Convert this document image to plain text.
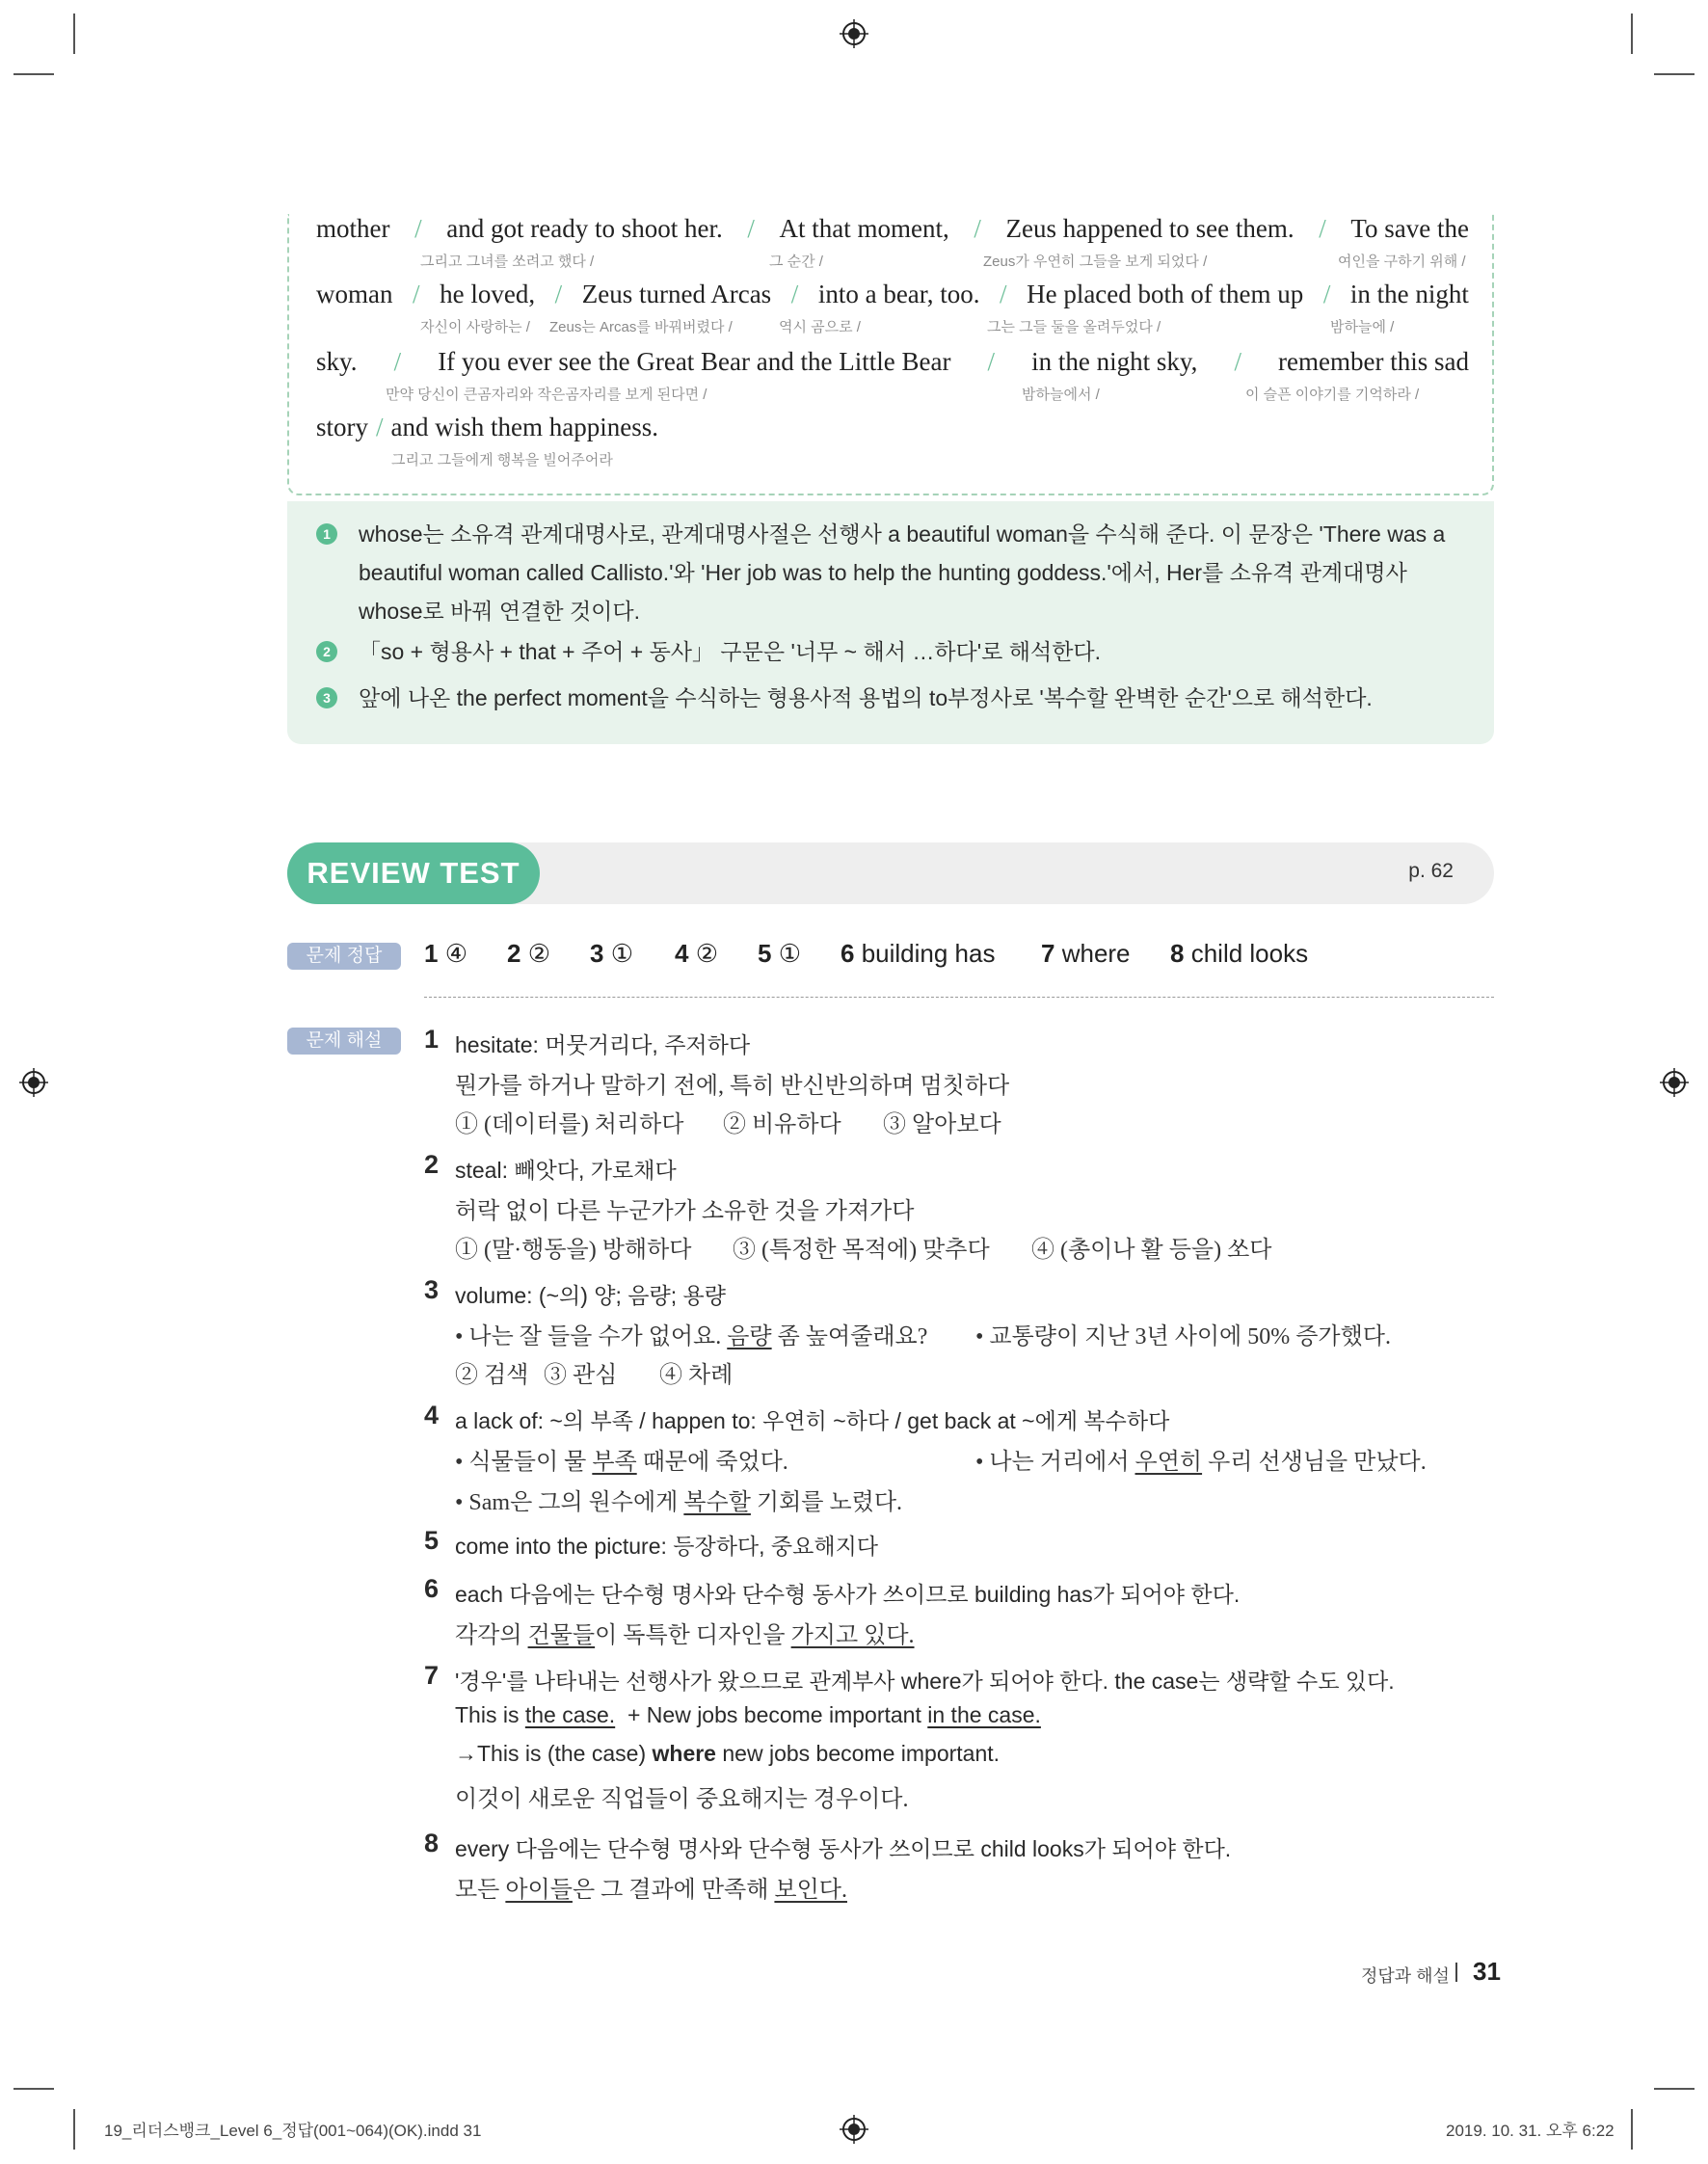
mother / and got ready to shoot her. / At that moment, / Zeus happened to see them. / To save the
그리고 그녀를 쏘려고 했다 /	그 순간 /	Zeus가 우연히 그들을 보게 되었다 /	여인을 구하기 위해 /
woman / he loved, / Zeus turned Arcas / into a bear, too. / He placed both of them up / in the night
자신이 사랑하는 / Zeus는 Arcas를 바꿔버렸다 /	역시 곰으로 /	그는 그들 둘을 올려두었다 /	밤하늘에 /
sky. / If you ever see the Great Bear and the Little Bear / in the night sky, / remember this sad
만약 당신이 큰곰자리와 작은곰자리를 보게 된다면 /	밤하늘에서 /	이 슬픈 이야기를 기억하라 /
story / and wish them happiness.
그리고 그들에게 행복을 빌어주어라
1	whose는 소유격 관계대명사로, 관계대명사절은 선행사 a beautiful woman을 수식해 준다. 이 문장은 'There was a
beautiful woman called Callisto.'와 'Her job was to help the hunting goddess.'에서, Her를 소유격 관계대명사
whose로 바꿔 연결한 것이다.
2	「so + 형용사 + that + 주어 + 동사」 구문은 '너무 ~ 해서 …하다'로 해석한다.
3	앞에 나온 the perfect moment을 수식하는 형용사적 용법의 to부정사로 '복수할 완벽한 순간'으로 해석한다.
REVIEW TEST	p. 62
문제 정답	1 ④ 2 ② 3 ① 4 ② 5 ① 6 building has 7 where 8 child looks
문제 해설	1 hesitate: 머뭇거리다, 주저하다
뭔가를 하거나 말하기 전에, 특히 반신반의하며 멈칫하다
① (데이터를) 처리하다 ② 비유하다 ③ 알아보다
2 steal: 빼앗다, 가로채다
허락 없이 다른 누군가가 소유한 것을 가져가다
① (말·행동을) 방해하다 ③ (특정한 목적에) 맞추다 ④ (총이나 활 등을) 쏘다
3 volume: (~의) 양; 음량; 용량
• 나는 잘 들을 수가 없어요. 음량 좀 높여줄래요? • 교통량이 지난 3년 사이에 50% 증가했다.
② 검색 ③ 관심 ④ 차례
4 a lack of: ~의 부족 / happen to: 우연히 ~하다 / get back at ~에게 복수하다
• 식물들이 물 부족 때문에 죽었다.	• 나는 거리에서 우연히 우리 선생님을 만났다.
• Sam은 그의 원수에게 복수할 기회를 노렸다.
5 come into the picture: 등장하다, 중요해지다
6 each 다음에는 단수형 명사와 단수형 동사가 쓰이므로 building has가 되어야 한다.
각각의 건물들이 독특한 디자인을 가지고 있다.
7 '경우'를 나타내는 선행사가 왔으므로 관계부사 where가 되어야 한다. the case는 생략할 수도 있다.
This is the case. + New jobs become important in the case.
→This is (the case) where new jobs become important.
이것이 새로운 직업들이 중요해지는 경우이다.
8 every 다음에는 단수형 명사와 단수형 동사가 쓰이므로 child looks가 되어야 한다.
모든 아이들은 그 결과에 만족해 보인다.
정답과 해설 31
19_리더스뱅크_Level 6_정답(001~064)(OK).indd 31	2019. 10. 31. 오후 6:22
